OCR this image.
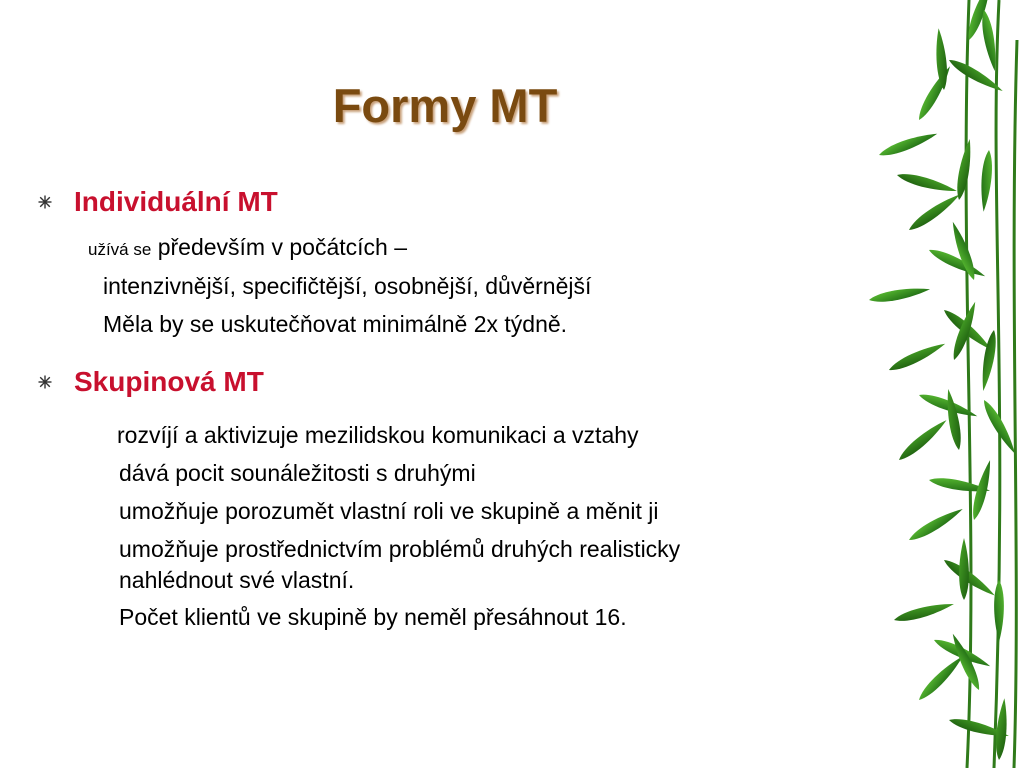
Formy MT
Individuální MT
užívá se především v počátcích –
intenzivnější, specifičtější, osobnější, důvěrnější
Měla by se uskutečňovat minimálně 2x týdně.
Skupinová MT
rozvíjí a aktivizuje mezilidskou komunikaci a vztahy
dává pocit sounáležitosti s druhými
umožňuje porozumět vlastní roli ve skupině a měnit ji
umožňuje prostřednictvím problémů druhých realisticky
nahlédnout své vlastní.
Počet klientů ve skupině by neměl přesáhnout 16.
